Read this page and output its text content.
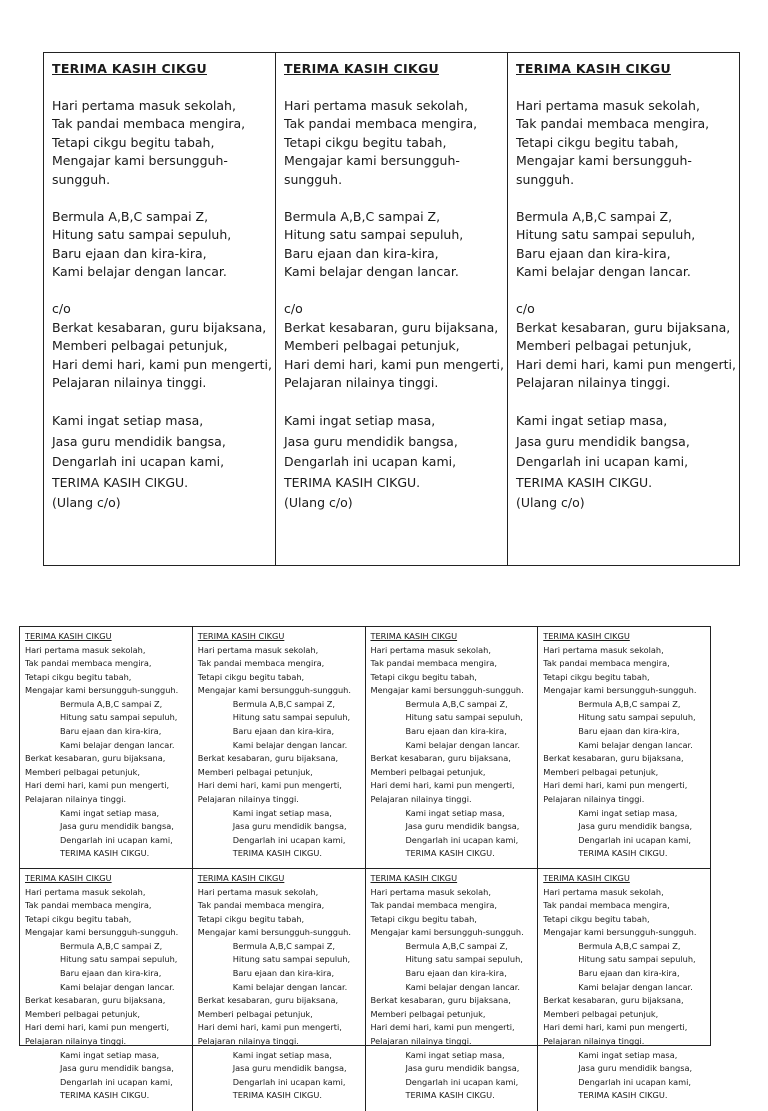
TERIMA KASIH CIKGU
Hari pertama masuk sekolah,
Tak pandai membaca mengira,
Tetapi cikgu begitu tabah,
Mengajar kami bersungguh-
sungguh.
Bermula A,B,C sampai Z,
Hitung satu sampai sepuluh,
Baru ejaan dan kira-kira,
Kami belajar dengan lancar.
c/o
Berkat kesabaran, guru bijaksana,
Memberi pelbagai petunjuk,
Hari demi hari, kami pun mengerti,
Pelajaran nilainya tinggi.
Kami ingat setiap masa,
Jasa guru mendidik bangsa,
Dengarlah ini ucapan kami,
TERIMA KASIH CIKGU.
(Ulang c/o)
TERIMA KASIH CIKGU
Hari pertama masuk sekolah,
Tak pandai membaca mengira,
Tetapi cikgu begitu tabah,
Mengajar kami bersungguh-
sungguh.
Bermula A,B,C sampai Z,
Hitung satu sampai sepuluh,
Baru ejaan dan kira-kira,
Kami belajar dengan lancar.
c/o
Berkat kesabaran, guru bijaksana,
Memberi pelbagai petunjuk,
Hari demi hari, kami pun mengerti,
Pelajaran nilainya tinggi.
Kami ingat setiap masa,
Jasa guru mendidik bangsa,
Dengarlah ini ucapan kami,
TERIMA KASIH CIKGU.
(Ulang c/o)
TERIMA KASIH CIKGU
Hari pertama masuk sekolah,
Tak pandai membaca mengira,
Tetapi cikgu begitu tabah,
Mengajar kami bersungguh-
sungguh.
Bermula A,B,C sampai Z,
Hitung satu sampai sepuluh,
Baru ejaan dan kira-kira,
Kami belajar dengan lancar.
c/o
Berkat kesabaran, guru bijaksana,
Memberi pelbagai petunjuk,
Hari demi hari, kami pun mengerti,
Pelajaran nilainya tinggi.
Kami ingat setiap masa,
Jasa guru mendidik bangsa,
Dengarlah ini ucapan kami,
TERIMA KASIH CIKGU.
(Ulang c/o)
TERIMA KASIH CIKGU
Hari pertama masuk sekolah,
Tak pandai membaca mengira,
Tetapi cikgu begitu tabah,
Mengajar kami bersungguh-sungguh.
Bermula A,B,C sampai Z,
Hitung satu sampai sepuluh,
Baru ejaan dan kira-kira,
Kami belajar dengan lancar.
Berkat kesabaran, guru bijaksana,
Memberi pelbagai petunjuk,
Hari demi hari, kami pun mengerti,
Pelajaran nilainya tinggi.
Kami ingat setiap masa,
Jasa guru mendidik bangsa,
Dengarlah ini ucapan kami,
TERIMA KASIH CIKGU.
TERIMA KASIH CIKGU
Hari pertama masuk sekolah,
Tak pandai membaca mengira,
Tetapi cikgu begitu tabah,
Mengajar kami bersungguh-sungguh.
Bermula A,B,C sampai Z,
Hitung satu sampai sepuluh,
Baru ejaan dan kira-kira,
Kami belajar dengan lancar.
Berkat kesabaran, guru bijaksana,
Memberi pelbagai petunjuk,
Hari demi hari, kami pun mengerti,
Pelajaran nilainya tinggi.
Kami ingat setiap masa,
Jasa guru mendidik bangsa,
Dengarlah ini ucapan kami,
TERIMA KASIH CIKGU.
TERIMA KASIH CIKGU
Hari pertama masuk sekolah,
Tak pandai membaca mengira,
Tetapi cikgu begitu tabah,
Mengajar kami bersungguh-sungguh.
Bermula A,B,C sampai Z,
Hitung satu sampai sepuluh,
Baru ejaan dan kira-kira,
Kami belajar dengan lancar.
Berkat kesabaran, guru bijaksana,
Memberi pelbagai petunjuk,
Hari demi hari, kami pun mengerti,
Pelajaran nilainya tinggi.
Kami ingat setiap masa,
Jasa guru mendidik bangsa,
Dengarlah ini ucapan kami,
TERIMA KASIH CIKGU.
TERIMA KASIH CIKGU
Hari pertama masuk sekolah,
Tak pandai membaca mengira,
Tetapi cikgu begitu tabah,
Mengajar kami bersungguh-sungguh.
Bermula A,B,C sampai Z,
Hitung satu sampai sepuluh,
Baru ejaan dan kira-kira,
Kami belajar dengan lancar.
Berkat kesabaran, guru bijaksana,
Memberi pelbagai petunjuk,
Hari demi hari, kami pun mengerti,
Pelajaran nilainya tinggi.
Kami ingat setiap masa,
Jasa guru mendidik bangsa,
Dengarlah ini ucapan kami,
TERIMA KASIH CIKGU.
TERIMA KASIH CIKGU
Hari pertama masuk sekolah,
Tak pandai membaca mengira,
Tetapi cikgu begitu tabah,
Mengajar kami bersungguh-sungguh.
Bermula A,B,C sampai Z,
Hitung satu sampai sepuluh,
Baru ejaan dan kira-kira,
Kami belajar dengan lancar.
Berkat kesabaran, guru bijaksana,
Memberi pelbagai petunjuk,
Hari demi hari, kami pun mengerti,
Pelajaran nilainya tinggi.
Kami ingat setiap masa,
Jasa guru mendidik bangsa,
Dengarlah ini ucapan kami,
TERIMA KASIH CIKGU.
TERIMA KASIH CIKGU
Hari pertama masuk sekolah,
Tak pandai membaca mengira,
Tetapi cikgu begitu tabah,
Mengajar kami bersungguh-sungguh.
Bermula A,B,C sampai Z,
Hitung satu sampai sepuluh,
Baru ejaan dan kira-kira,
Kami belajar dengan lancar.
Berkat kesabaran, guru bijaksana,
Memberi pelbagai petunjuk,
Hari demi hari, kami pun mengerti,
Pelajaran nilainya tinggi.
Kami ingat setiap masa,
Jasa guru mendidik bangsa,
Dengarlah ini ucapan kami,
TERIMA KASIH CIKGU.
TERIMA KASIH CIKGU
Hari pertama masuk sekolah,
Tak pandai membaca mengira,
Tetapi cikgu begitu tabah,
Mengajar kami bersungguh-sungguh.
Bermula A,B,C sampai Z,
Hitung satu sampai sepuluh,
Baru ejaan dan kira-kira,
Kami belajar dengan lancar.
Berkat kesabaran, guru bijaksana,
Memberi pelbagai petunjuk,
Hari demi hari, kami pun mengerti,
Pelajaran nilainya tinggi.
Kami ingat setiap masa,
Jasa guru mendidik bangsa,
Dengarlah ini ucapan kami,
TERIMA KASIH CIKGU.
TERIMA KASIH CIKGU
Hari pertama masuk sekolah,
Tak pandai membaca mengira,
Tetapi cikgu begitu tabah,
Mengajar kami bersungguh-sungguh.
Bermula A,B,C sampai Z,
Hitung satu sampai sepuluh,
Baru ejaan dan kira-kira,
Kami belajar dengan lancar.
Berkat kesabaran, guru bijaksana,
Memberi pelbagai petunjuk,
Hari demi hari, kami pun mengerti,
Pelajaran nilainya tinggi.
Kami ingat setiap masa,
Jasa guru mendidik bangsa,
Dengarlah ini ucapan kami,
TERIMA KASIH CIKGU.
